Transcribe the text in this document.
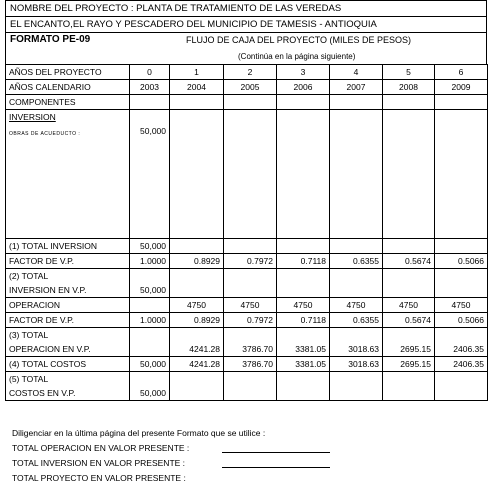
NOMBRE DEL PROYECTO : PLANTA DE TRATAMIENTO DE LAS VEREDAS
EL ENCANTO,EL RAYO Y PESCADERO DEL MUNICIPIO DE TAMESIS - ANTIOQUIA
FORMATO PE-09	FLUJO DE CAJA DEL PROYECTO (MILES DE PESOS)
(Continúa en la página siguiente)
AÑOS DEL PROYECTO	0	1	2	3	4	5	6
AÑOS CALENDARIO	2003	2004	2005	2006	2007	2008	2009
COMPONENTES							

INVERSION
OBRAS DE ACUEDUCTO :	50,000						
(1) TOTAL INVERSION	50,000						
FACTOR DE V.P.	1.0000	0.8929	0.7972	0.7118	0.6355	0.5674	0.5066
(2) TOTAL							
INVERSION EN V.P.	50,000						
OPERACION		4750	4750	4750	4750	4750	4750
FACTOR DE V.P.	1.0000	0.8929	0.7972	0.7118	0.6355	0.5674	0.5066
(3) TOTAL							
OPERACION EN V.P.		4241.28	3786.70	3381.05	3018.63	2695.15	2406.35
(4) TOTAL COSTOS	50,000	4241.28	3786.70	3381.05	3018.63	2695.15	2406.35
(5) TOTAL							
COSTOS EN V.P.	50,000						
Diligenciar en la última página del presente Formato que se utilice :
TOTAL OPERACION EN VALOR PRESENTE :
TOTAL INVERSION EN VALOR PRESENTE :
TOTAL PROYECTO EN VALOR PRESENTE :
